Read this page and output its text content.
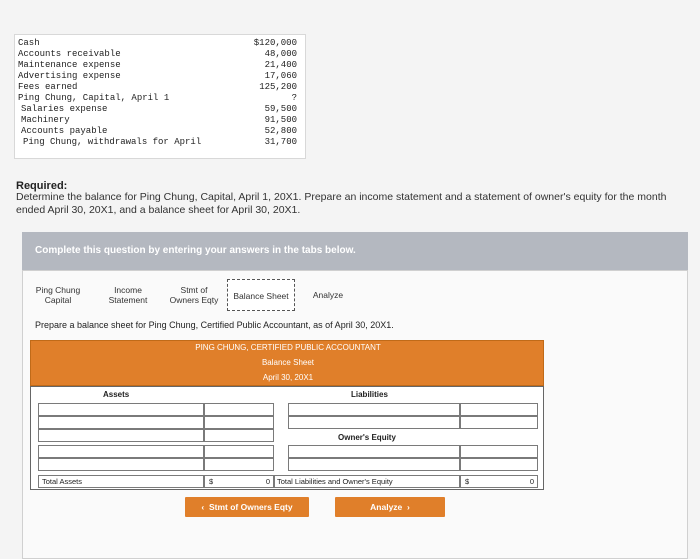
Cash	$120,000
Accounts receivable	48,000
Maintenance expense	21,400
Advertising expense	17,060
Fees earned	125,200
Ping Chung, Capital, April 1	?
Salaries expense	59,500
Machinery	91,500
Accounts payable	52,800
Ping Chung, withdrawals for April	31,700
Required:
Determine the balance for Ping Chung, Capital, April 1, 20X1. Prepare an income statement and a statement of owner's equity for the month ended April 30, 20X1, and a balance sheet for April 30, 20X1.
Complete this question by entering your answers in the tabs below.
Ping Chung
Capital
Income
Statement
Stmt of
Owners Eqty	Balance Sheet	Analyze
Prepare a balance sheet for Ping Chung, Certified Public Accountant, as of April 30, 20X1.
PING CHUNG, CERTIFIED PUBLIC ACCOUNTANT
Balance Sheet
April 30, 20X1
Assets	Liabilities
Owner's Equity
Total Assets	$	0 Total Liabilities and Owner's Equity	$	0
‹  Stmt of Owners Eqty	Analyze  ›
